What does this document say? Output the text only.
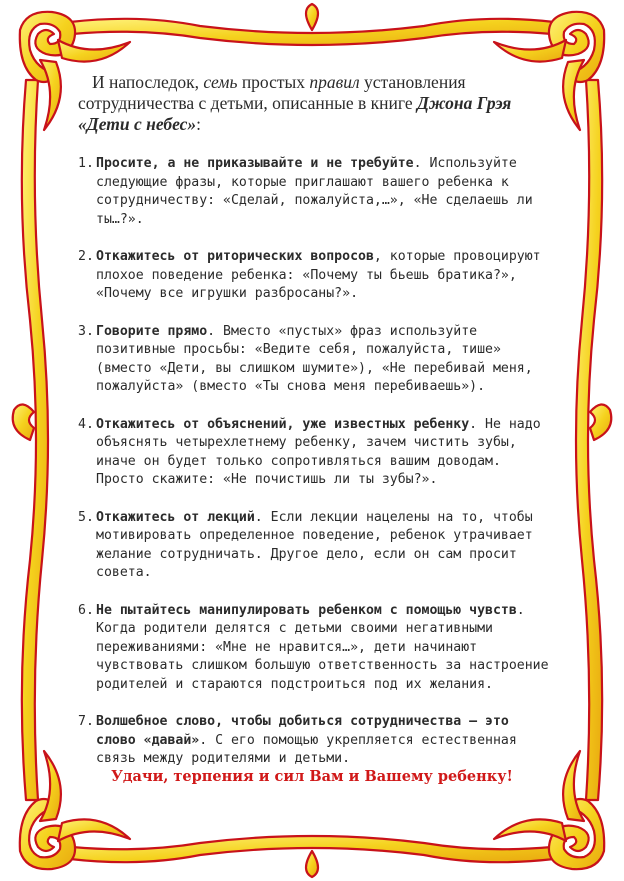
И напоследок, семь простых правил установления сотрудничества с детьми, описанные в книге Джона Грэя «Дети с небес»:

1. Просите, а не приказывайте и не требуйте. Используйте следующие фразы, которые приглашают вашего ребенка к сотрудничеству: «Сделай, пожалуйста,…», «Не сделаешь ли ты…?».
2. Откажитесь от риторических вопросов, которые провоцируют плохое поведение ребенка: «Почему ты бьешь братика?», «Почему все игрушки разбросаны?».
3. Говорите прямо. Вместо «пустых» фраз используйте позитивные просьбы: «Ведите себя, пожалуйста, тише» (вместо «Дети, вы слишком шумите»), «Не перебивай меня, пожалуйста» (вместо «Ты снова меня перебиваешь»).
4. Откажитесь от объяснений, уже известных ребенку. Не надо объяснять четырехлетнему ребенку, зачем чистить зубы, иначе он будет только сопротивляться вашим доводам. Просто скажите: «Не почистишь ли ты зубы?».
5. Откажитесь от лекций. Если лекции нацелены на то, чтобы мотивировать определенное поведение, ребенок утрачивает желание сотрудничать. Другое дело, если он сам просит совета.
6. Не пытайтесь манипулировать ребенком с помощью чувств. Когда родители делятся с детьми своими негативными переживаниями: «Мне не нравится…», дети начинают чувствовать слишком большую ответственность за настроение родителей и стараются подстроиться под их желания.
7. Волшебное слово, чтобы добиться сотрудничества – это слово «давай». С его помощью укрепляется естественная связь между родителями и детьми.
Удачи, терпения и сил Вам и Вашему ребенку!
